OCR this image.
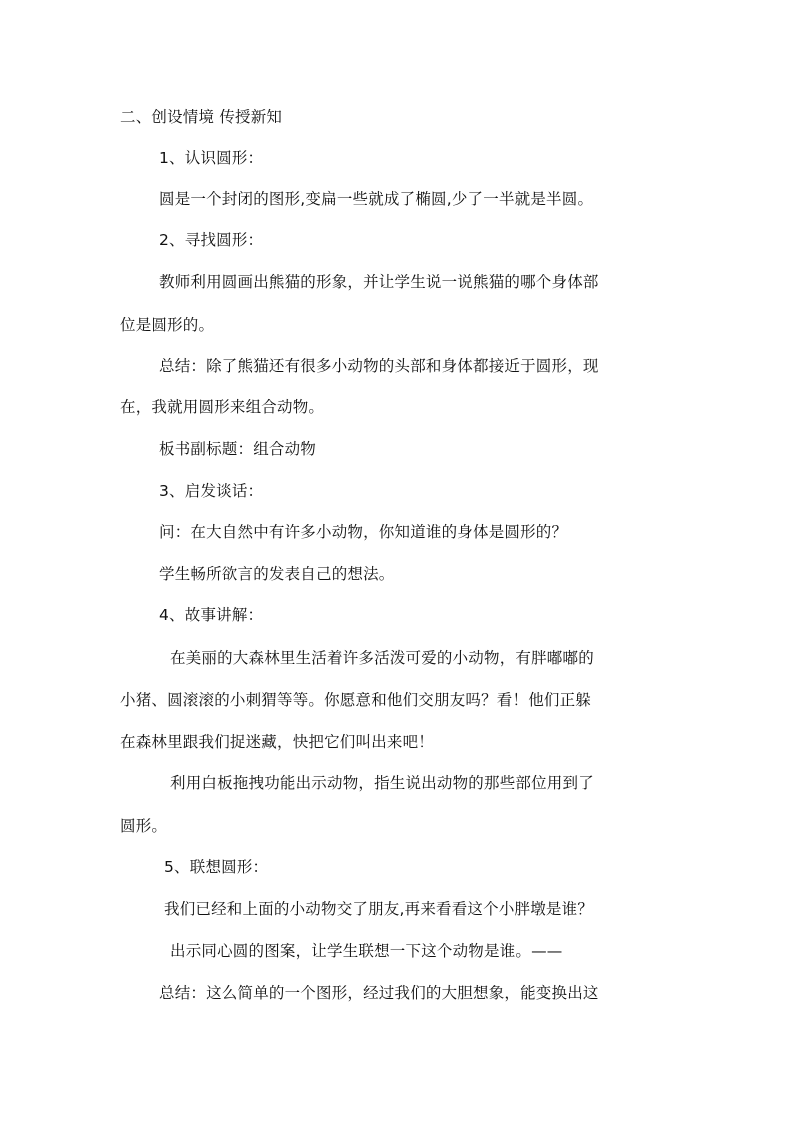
二、创设情境 传授新知
1、认识圆形：
圆是一个封闭的图形,变扁一些就成了椭圆,少了一半就是半圆。
2、寻找圆形：
教师利用圆画出熊猫的形象，并让学生说一说熊猫的哪个身体部
位是圆形的。
总结：除了熊猫还有很多小动物的头部和身体都接近于圆形，现
在，我就用圆形来组合动物。
板书副标题：组合动物
3、启发谈话：
问：在大自然中有许多小动物，你知道谁的身体是圆形的？
学生畅所欲言的发表自己的想法。
4、故事讲解：
在美丽的大森林里生活着许多活泼可爱的小动物，有胖嘟嘟的
小猪、圆滚滚的小刺猬等等。你愿意和他们交朋友吗？看！他们正躲
在森林里跟我们捉迷藏，快把它们叫出来吧！
利用白板拖拽功能出示动物，指生说出动物的那些部位用到了
圆形。
5、联想圆形：
我们已经和上面的小动物交了朋友,再来看看这个小胖墩是谁？
出示同心圆的图案，让学生联想一下这个动物是谁。——
总结：这么简单的一个图形，经过我们的大胆想象，能变换出这
